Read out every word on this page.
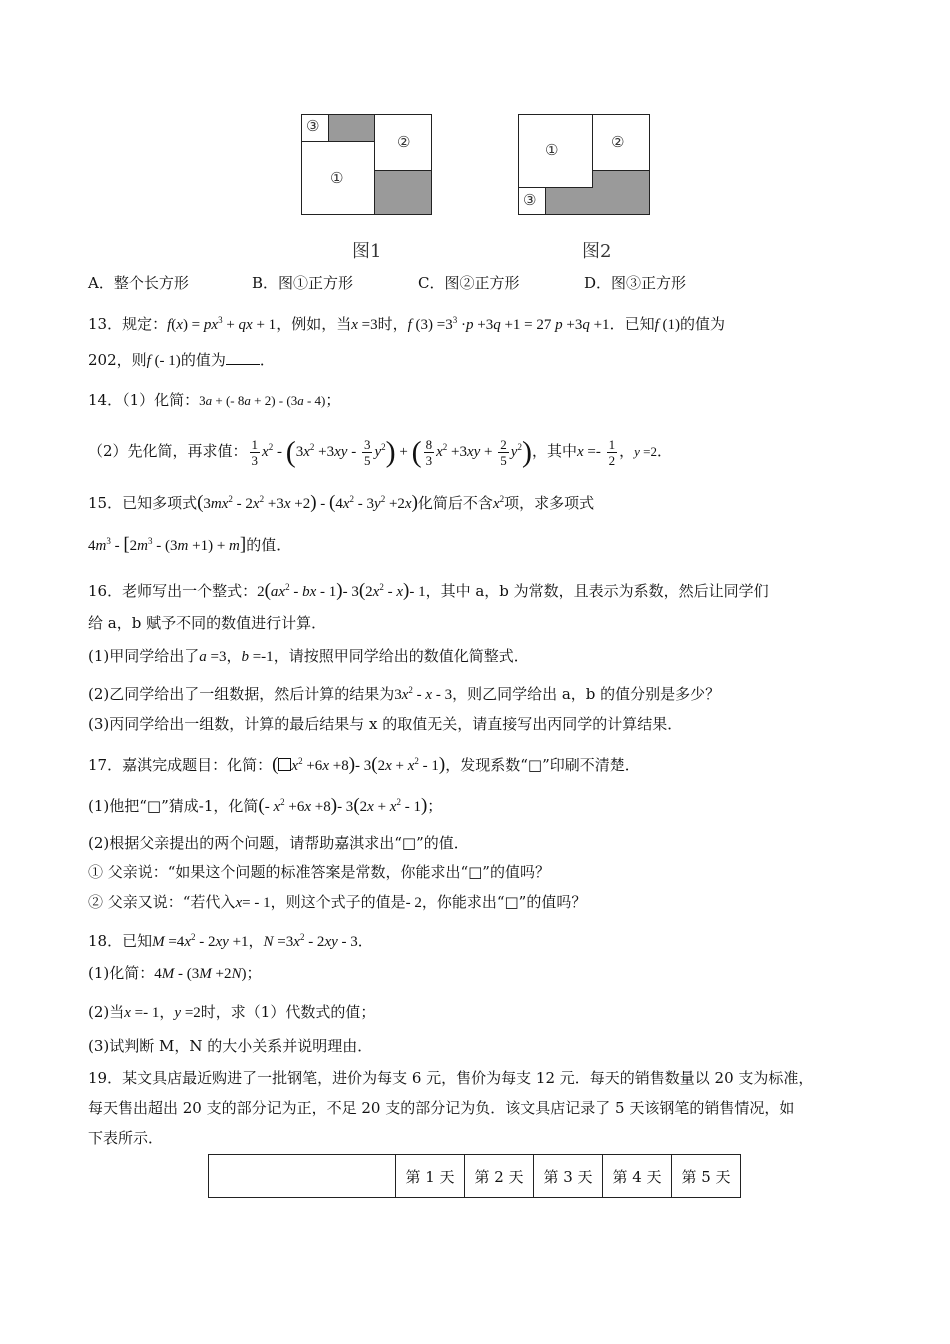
③
①
②
图1
①	②
③
图2
A．整个长方形	B．图①正方形	C．图②正方形	D．图③正方形
13．规定：$f(x) = px^3$ + qx + 1，例如，当x =3时，f $(3) =3^3 \cdot p +3q +1 = 27$ p +3q +1．已知f (1)的值为
202，则f (- 1)的值为 ．
14．（1）化简：3a + (- 8a + 2) - (3a - 4)；
（2）先化简，再求值： $\frac{1}{3} x^2 - (3x^2 +3xy - \frac{3}{5} y^2)$ + ( $\frac{8}{3} x^2 +3xy + \frac{2}{5} y^2$)，其中$x =- \frac{1}{2}$ ，y =2．
15．已知多项式$(3mx^2 - 2x^2 +3x +2) - (4x^2 - 3y^2 +2x)$化简后不含$x^2$项，求多项式
$4m^3 - [2m^3 - (3m +1) + m]$的值．
16．老师写出一个整式：$2(ax^2$ - bx - 1)- $3(2x^2 - x)-$ 1，其中 a，b 为常数，且表示为系数，然后让同学们
给 a，b 赋予不同的数值进行计算．
(1)甲同学给出了a =3，b =-1，请按照甲同学给出的数值化简整式．
(2)乙同学给出了一组数据，然后计算的结果为$3x^2$ - x - 3，则乙同学给出 a，b 的值分别是多少？
(3)丙同学给出一组数，计算的最后结果与 x 的取值无关，请直接写出丙同学的计算结果．
17．嘉淇完成题目：化简：( $x^2 +6x +8)-$ $3(2x + x^2 - 1)$，发现系数“□”印刷不清楚．
(1)他把“□”猜成-1，化简(- $x^2 +6x +8)-$ $3(2x + x^2 - 1)$；
(2)根据父亲提出的两个问题，请帮助嘉淇求出“□”的值．
① 父亲说：“如果这个问题的标准答案是常数，你能求出“□”的值吗？
② 父亲又说：“若代入x= - 1，则这个式子的值是- 2，你能求出“□”的值吗？
18．已知$M =4x^2 - 2xy +1$，$N =3x^2 - 2xy - 3$．
(1)化简：4M - (3M +2N)；
(2)当x =- 1，y =2时，求（1）代数式的值；
(3)试判断 M，N 的大小关系并说明理由．
19．某文具店最近购进了一批钢笔，进价为每支 6 元，售价为每支 12 元．每天的销售数量以 20 支为标准，
每天售出超出 20 支的部分记为正，不足 20 支的部分记为负．该文具店记录了 5 天该钢笔的销售情况，如
下表所示．
	第 1 天	第 2 天	第 3 天	第 4 天	第 5 天
